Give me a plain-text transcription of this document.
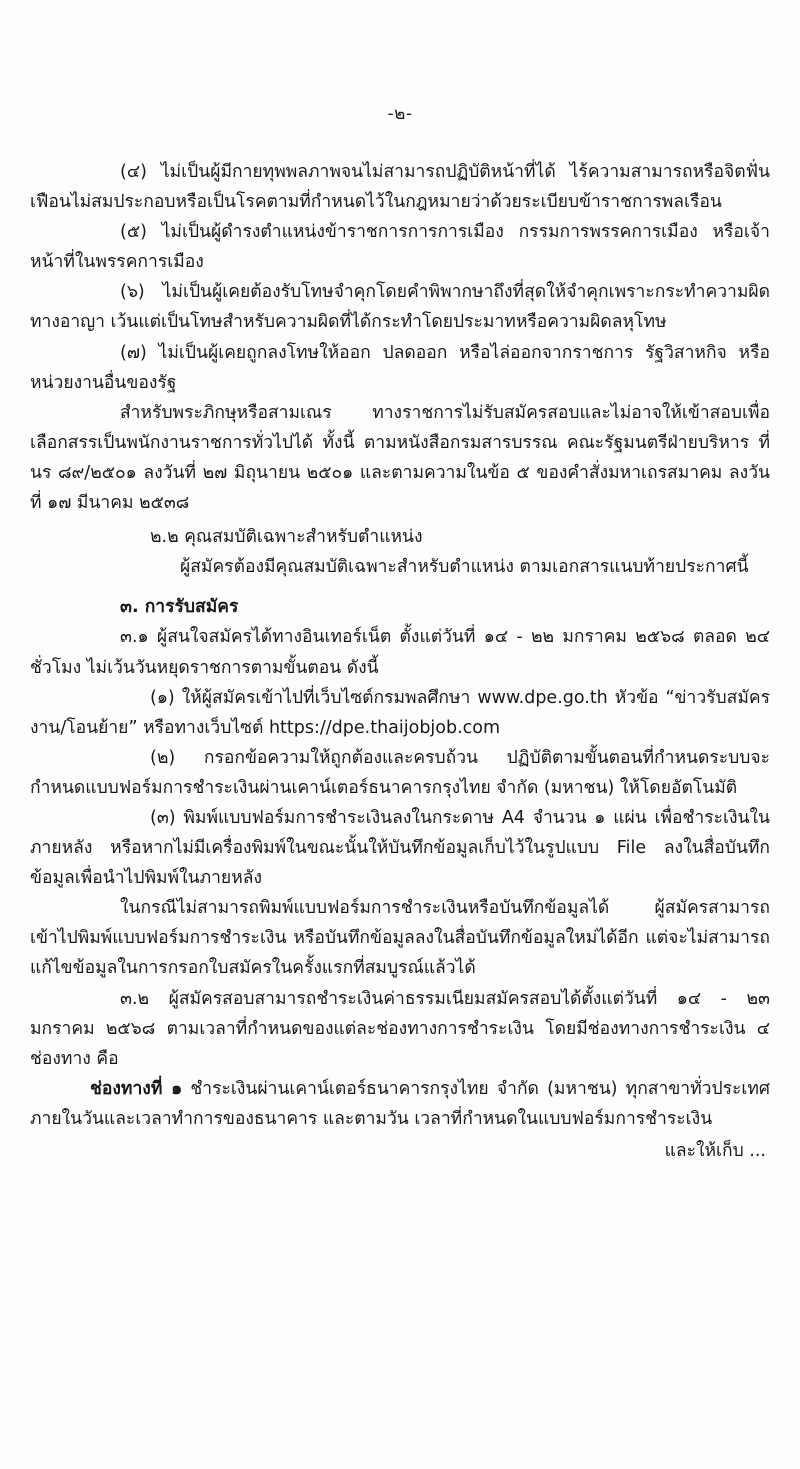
-๒-

(๔) ไม่เป็นผู้มีกายทุพพลภาพจนไม่สามารถปฏิบัติหน้าที่ได้ ไร้ความสามารถหรือจิตฟั่นเฟือนไม่สมประกอบหรือเป็นโรคตามที่กำหนดไว้ในกฎหมายว่าด้วยระเบียบข้าราชการพลเรือน

(๕) ไม่เป็นผู้ดำรงตำแหน่งข้าราชการการการเมือง กรรมการพรรคการเมือง หรือเจ้าหน้าที่ในพรรคการเมือง

(๖) ไม่เป็นผู้เคยต้องรับโทษจำคุกโดยคำพิพากษาถึงที่สุดให้จำคุกเพราะกระทำความผิดทางอาญา เว้นแต่เป็นโทษสำหรับความผิดที่ได้กระทำโดยประมาทหรือความผิดลหุโทษ

(๗) ไม่เป็นผู้เคยถูกลงโทษให้ออก ปลดออก หรือไล่ออกจากราชการ รัฐวิสาหกิจ หรือหน่วยงานอื่นของรัฐ

สำหรับพระภิกษุหรือสามเณร ทางราชการไม่รับสมัครสอบและไม่อาจให้เข้าสอบเพื่อเลือกสรรเป็นพนักงานราชการทั่วไปได้ ทั้งนี้ ตามหนังสือกรมสารบรรณ คณะรัฐมนตรีฝ่ายบริหาร ที่ นร ๘๙/๒๕๐๑ ลงวันที่ ๒๗ มิถุนายน ๒๕๐๑ และตามความในข้อ ๕ ของคำสั่งมหาเถรสมาคม ลงวันที่ ๑๗ มีนาคม ๒๕๓๘

๒.๒ คุณสมบัติเฉพาะสำหรับตำแหน่ง

ผู้สมัครต้องมีคุณสมบัติเฉพาะสำหรับตำแหน่ง ตามเอกสารแนบท้ายประกาศนี้

๓. การรับสมัคร

๓.๑ ผู้สนใจสมัครได้ทางอินเทอร์เน็ต ตั้งแต่วันที่ ๑๔ - ๒๒ มกราคม ๒๕๖๘ ตลอด ๒๔ ชั่วโมง ไม่เว้นวันหยุดราชการตามขั้นตอน ดังนี้

(๑) ให้ผู้สมัครเข้าไปที่เว็บไซต์กรมพลศึกษา www.dpe.go.th หัวข้อ “ข่าวรับสมัครงาน/โอนย้าย” หรือทางเว็บไซต์ https://dpe.thaijobjob.com

(๒) กรอกข้อความให้ถูกต้องและครบถ้วน ปฏิบัติตามขั้นตอนที่กำหนดระบบจะกำหนดแบบฟอร์มการชำระเงินผ่านเคาน์เตอร์ธนาคารกรุงไทย จำกัด (มหาชน) ให้โดยอัตโนมัติ

(๓) พิมพ์แบบฟอร์มการชำระเงินลงในกระดาษ A4 จำนวน ๑ แผ่น เพื่อชำระเงินในภายหลัง หรือหากไม่มีเครื่องพิมพ์ในขณะนั้นให้บันทึกข้อมูลเก็บไว้ในรูปแบบ File ลงในสื่อบันทึกข้อมูลเพื่อนำไปพิมพ์ในภายหลัง

ในกรณีไม่สามารถพิมพ์แบบฟอร์มการชำระเงินหรือบันทึกข้อมูลได้ ผู้สมัครสามารถเข้าไปพิมพ์แบบฟอร์มการชำระเงิน หรือบันทึกข้อมูลลงในสื่อบันทึกข้อมูลใหม่ได้อีก แต่จะไม่สามารถแก้ไขข้อมูลในการกรอกใบสมัครในครั้งแรกที่สมบูรณ์แล้วได้

๓.๒ ผู้สมัครสอบสามารถชำระเงินค่าธรรมเนียมสมัครสอบได้ตั้งแต่วันที่ ๑๔ - ๒๓ มกราคม ๒๕๖๘ ตามเวลาที่กำหนดของแต่ละช่องทางการชำระเงิน โดยมีช่องทางการชำระเงิน ๔ ช่องทาง คือ

ช่องทางที่ ๑ ชำระเงินผ่านเคาน์เตอร์ธนาคารกรุงไทย จำกัด (มหาชน) ทุกสาขาทั่วประเทศ ภายในวันและเวลาทำการของธนาคาร และตามวัน เวลาที่กำหนดในแบบฟอร์มการชำระเงิน

และให้เก็บ ...
